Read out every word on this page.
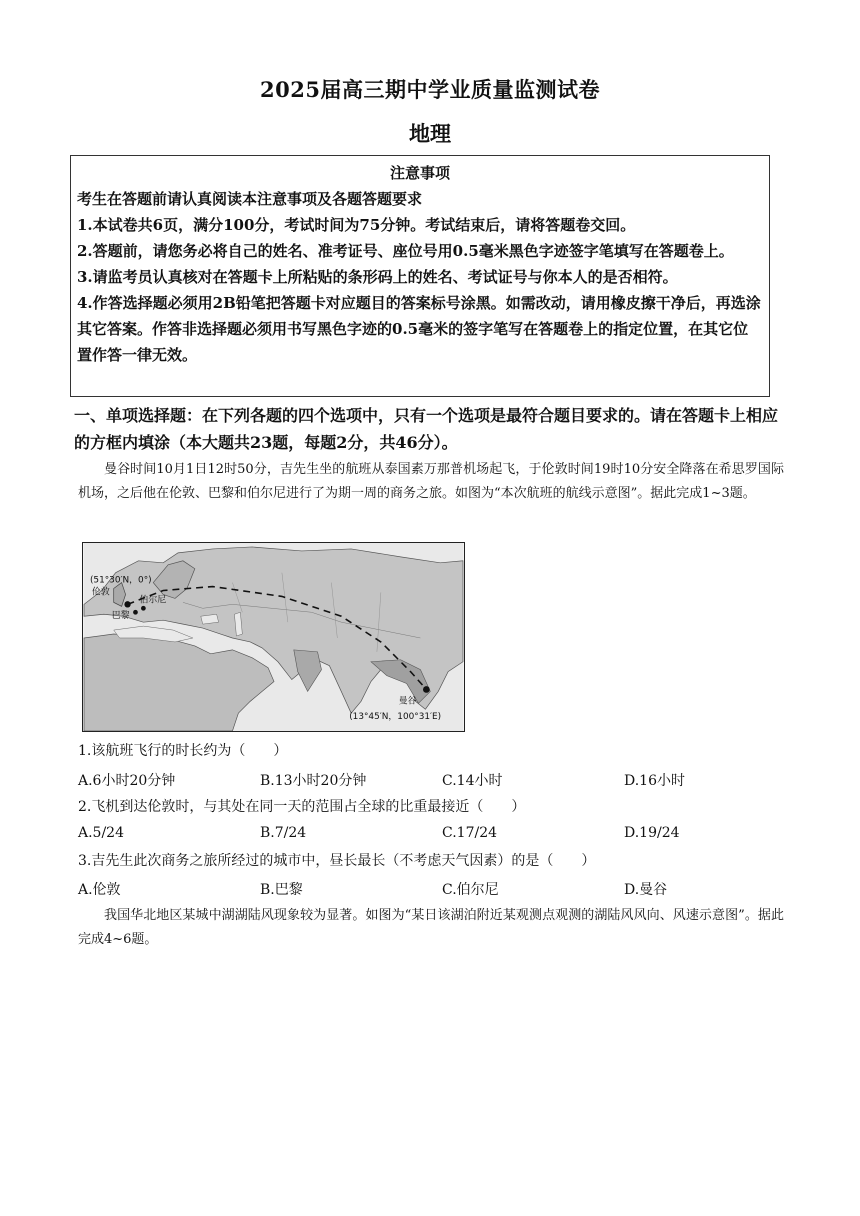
2025届高三期中学业质量监测试卷
地理

注意事项

考生在答题前请认真阅读本注意事项及各题答题要求

1.本试卷共6页，满分100分，考试时间为75分钟。考试结束后，请将答题卷交回。

2.答题前，请您务必将自己的姓名、准考证号、座位号用0.5毫米黑色字迹签字笔填写在答题卷上。

3.请监考员认真核对在答题卡上所粘贴的条形码上的姓名、考试证号与你本人的是否相符。

4.作答选择题必须用2B铅笔把答题卡对应题目的答案标号涂黑。如需改动，请用橡皮擦干净后，再选涂其它答案。作答非选择题必须用书写黑色字迹的0.5毫米的签字笔写在答题卷上的指定位置，在其它位置作答一律无效。

一、单项选择题：在下列各题的四个选项中，只有一个选项是最符合题目要求的。请在答题卡上相应的方框内填涂（本大题共23题，每题2分，共46分）。
曼谷时间10月1日12时50分，吉先生坐的航班从泰国素万那普机场起飞，于伦敦时间19时10分安全降落在希思罗国际机场，之后他在伦敦、巴黎和伯尔尼进行了为期一周的商务之旅。如图为“本次航班的航线示意图”。据此完成1~3题。
(51°30′N，0°)
伦敦
伯尔尼
巴黎
曼谷
(13°45′N，100°31′E)
1.该航班飞行的时长约为（　　）
A.6小时20分钟	B.13小时20分钟	C.14小时	D.16小时
2.飞机到达伦敦时，与其处在同一天的范围占全球的比重最接近（　　）
A.5/24	B.7/24	C.17/24	D.19/24
3.吉先生此次商务之旅所经过的城市中，昼长最长（不考虑天气因素）的是（　　）
A.伦敦	B.巴黎	C.伯尔尼	D.曼谷
我国华北地区某城中湖湖陆风现象较为显著。如图为“某日该湖泊附近某观测点观测的湖陆风风向、风速示意图”。据此完成4~6题。
